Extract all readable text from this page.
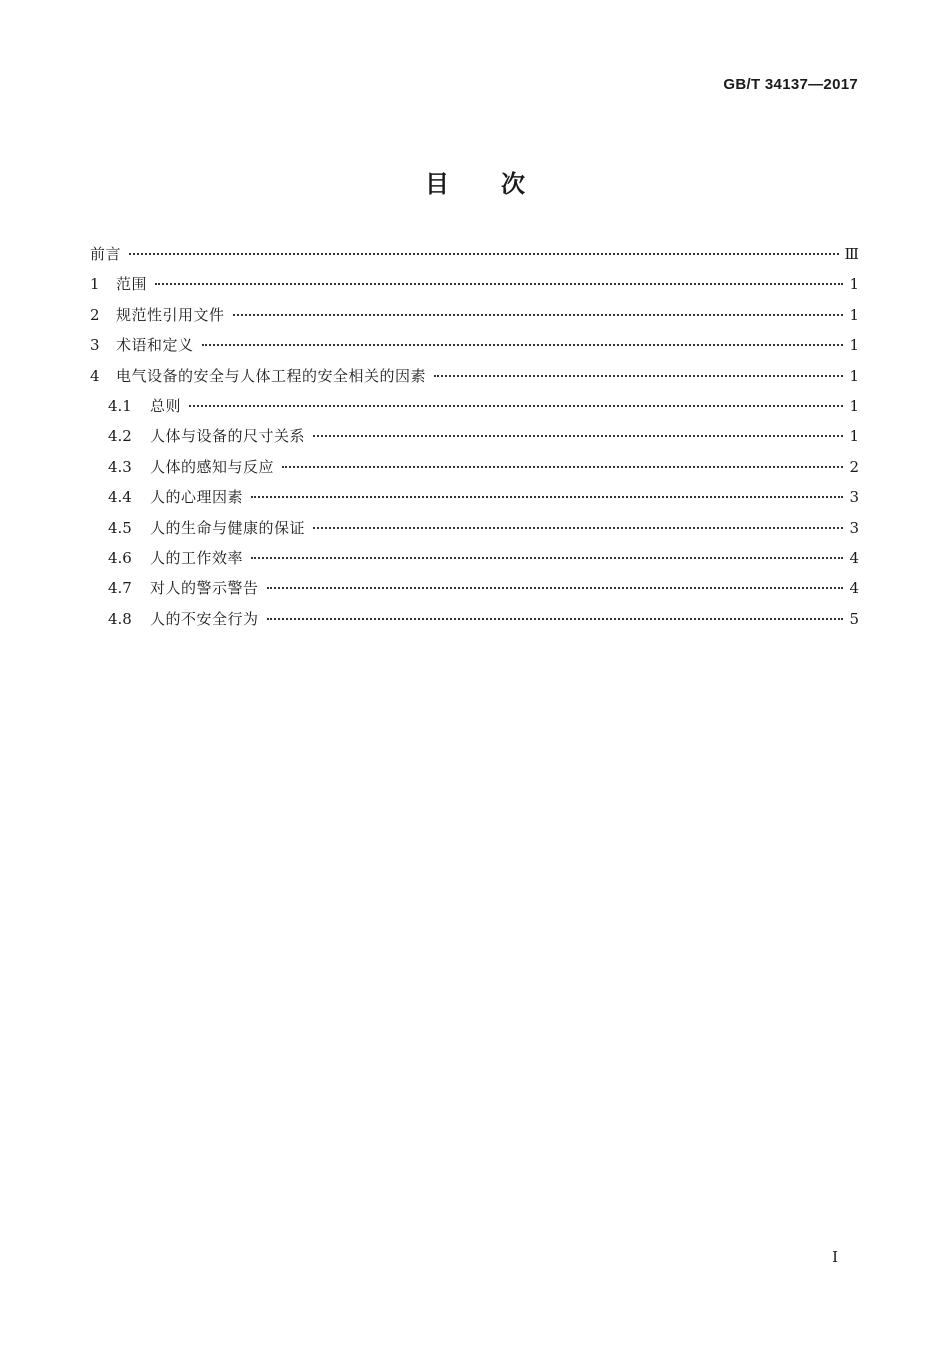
GB/T 34137—2017
目次
前言	Ⅲ
1	范围	1
2	规范性引用文件	1
3	术语和定义	1
4	电气设备的安全与人体工程的安全相关的因素	1
4.1	总则	1
4.2	人体与设备的尺寸关系	1
4.3	人体的感知与反应	2
4.4	人的心理因素	3
4.5	人的生命与健康的保证	3
4.6	人的工作效率	4
4.7	对人的警示警告	4
4.8	人的不安全行为	5
I
